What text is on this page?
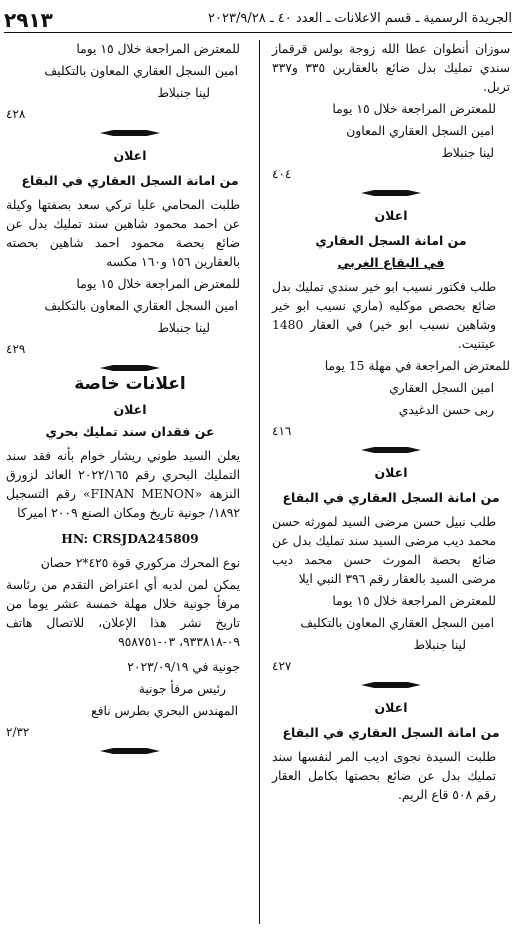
٢٩١٣	الجريدة الرسمية ـ قسم الاعلانات ـ العدد ٤٠ ـ ٢٠٢٣/٩/٢٨

سوزان أنطوان عطا الله زوجة بولس قرقماز سندي تمليك بدل ضائع بالعقارين ٣٣٥ و٣٣٧ تربل.

للمعترض المراجعة خلال ١٥ يوما

امين السجل العقاري المعاون

لينا جنبلاط

٤٠٤

اعلان

من امانة السجل العقاري

في البقاع الغربي

طلب فكتور نسيب ابو خير سندي تمليك بدل ضائع بحصص موكليه (ماري نسيب ابو خير وشاهين نسيب ابو خير) في العقار 1480 عيتنيت.

للمعترض المراجعة في مهلة 15 يوما

امين السجل العقاري

ربى حسن الدغيدي

٤١٦

اعلان

من امانة السجل العقاري في البقاع

طلب نبيل حسن مرضى السيد لمورثه حسن محمد ديب مرضى السيد سند تمليك بدل عن ضائع بحصة المورث حسن محمد ديب مرضى السيد بالعقار رقم ٣٩٦ النبي ايلا

للمعترض المراجعة خلال ١٥ يوما

امين السجل العقاري المعاون بالتكليف

لينا جنبلاط

٤٢٧

اعلان

من امانة السجل العقاري في البقاع

طلبت السيدة نجوى اديب المر لنفسها سند تمليك بدل عن ضائع بحصتها بكامل العقار رقم ٥٠٨ قاع الريم.

للمعترض المراجعة خلال ١٥ يوما

امين السجل العقاري المعاون بالتكليف

لينا جنبلاط

٤٢٨

اعلان

من امانة السجل العقاري في البقاع

طلبت المحامي عليا تركي سعد بصفتها وكيلة عن احمد محمود شاهين سند تمليك بدل عن ضائع بحصة محمود احمد شاهين بحصته بالعقارين ١٥٦ و١٦٠ مكسه

للمعترض المراجعة خلال ١٥ يوما

امين السجل العقاري المعاون بالتكليف

لينا جنبلاط

٤٢٩

اعلانات خاصة

اعلان

عن فقدان سند تمليك بحري

يعلن السيد طوني ريشار خوام بأنه فقد سند التمليك البحري رقم ٢٠٢٢/١٦٥ العائد لزورق النزهة «FINAN MENON» رقم التسجيل ١٨٩٢/ جونية تاريخ ومكان الصنع ٢٠٠٩ اميركا

HN: CRSJDA245809

نوع المحرك مركوري قوة ٤٢٥*٢ حصان

يمكن لمن لديه أي اعتراض التقدم من رئاسة مرفأ جونية خلال مهلة خمسة عشر يوما من تاريخ نشر هذا الإعلان، للاتصال هاتف ٠٩-٩٣٣٨١٨، ٠٣-٩٥٨٧٥١

جونية في ٢٠٢٣/٠٩/١٩

رئيس مرفأ جونية

المهندس البحري بطرس نافع

٢/٣٢
